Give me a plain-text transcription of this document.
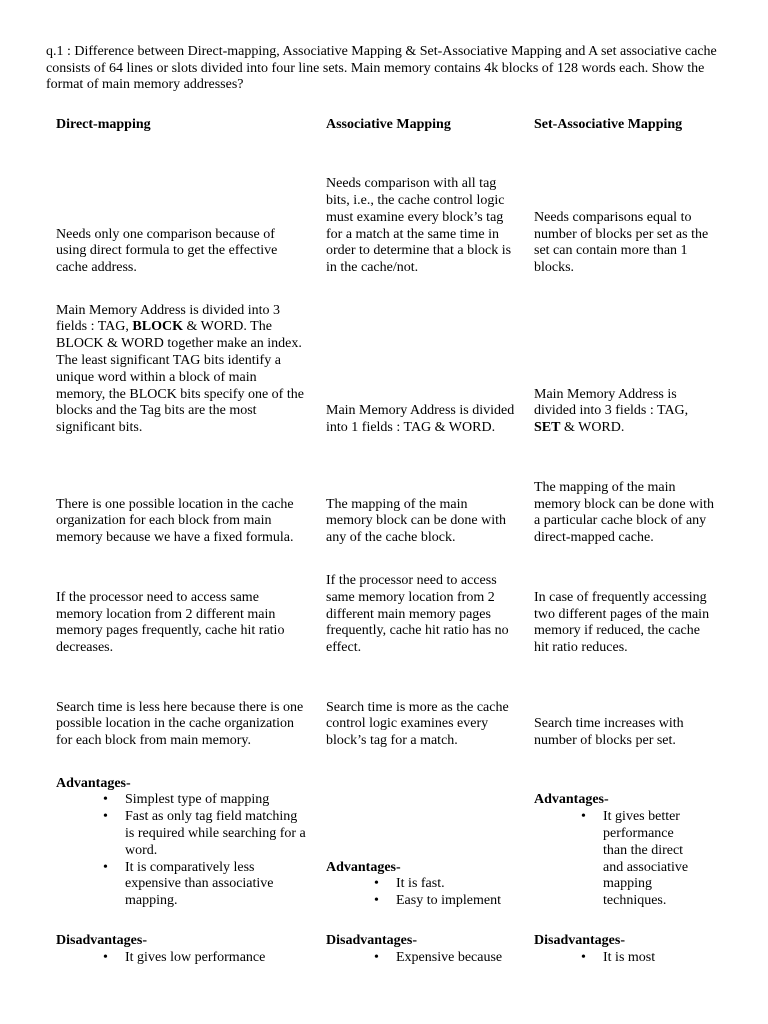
q.1 : Difference between Direct-mapping, Associative Mapping & Set-Associative Mapping and A set associative cache consists of 64 lines or slots divided into four line sets. Main memory contains 4k blocks of 128 words each. Show the format of main memory addresses?

Direct-mapping	Associative Mapping	Set-Associative Mapping
Needs only one comparison because of using direct formula to get the effective cache address.
Needs comparison with all tag bits, i.e., the cache control logic must examine every block’s tag for a match at the same time in order to determine that a block is in the cache/not.
Needs comparisons equal to number of blocks per set as the set can contain more than 1 blocks.
Main Memory Address is divided into 3 fields : TAG, BLOCK & WORD. The BLOCK & WORD together make an index. The least significant TAG bits identify a unique word within a block of main memory, the BLOCK bits specify one of the blocks and the Tag bits are the most significant bits.
Main Memory Address is divided into 1 fields : TAG & WORD.
Main Memory Address is divided into 3 fields : TAG, SET & WORD.
There is one possible location in the cache organization for each block from main memory because we have a fixed formula.
The mapping of the main memory block can be done with any of the cache block.
The mapping of the main memory block can be done with a particular cache block of any direct-mapped cache.
If the processor need to access same memory location from 2 different main memory pages frequently, cache hit ratio decreases.
If the processor need to access same memory location from 2 different main memory pages frequently, cache hit ratio has no effect.
In case of frequently accessing two different pages of the main memory if reduced, the cache hit ratio reduces.
Search time is less here because there is one possible location in the cache organization for each block from main memory.
Search time is more as the cache control logic examines every block’s tag for a match.
Search time increases with number of blocks per set.
Advantages-
• Simplest type of mapping
• Fast as only tag field matching is required while searching for a word.
• It is comparatively less expensive than associative mapping.
Advantages-
• It is fast.
• Easy to implement
Advantages-
• It gives better performance than the direct and associative mapping techniques.
Disadvantages-
• It gives low performance
Disadvantages-
• Expensive because
Disadvantages-
• It is most
